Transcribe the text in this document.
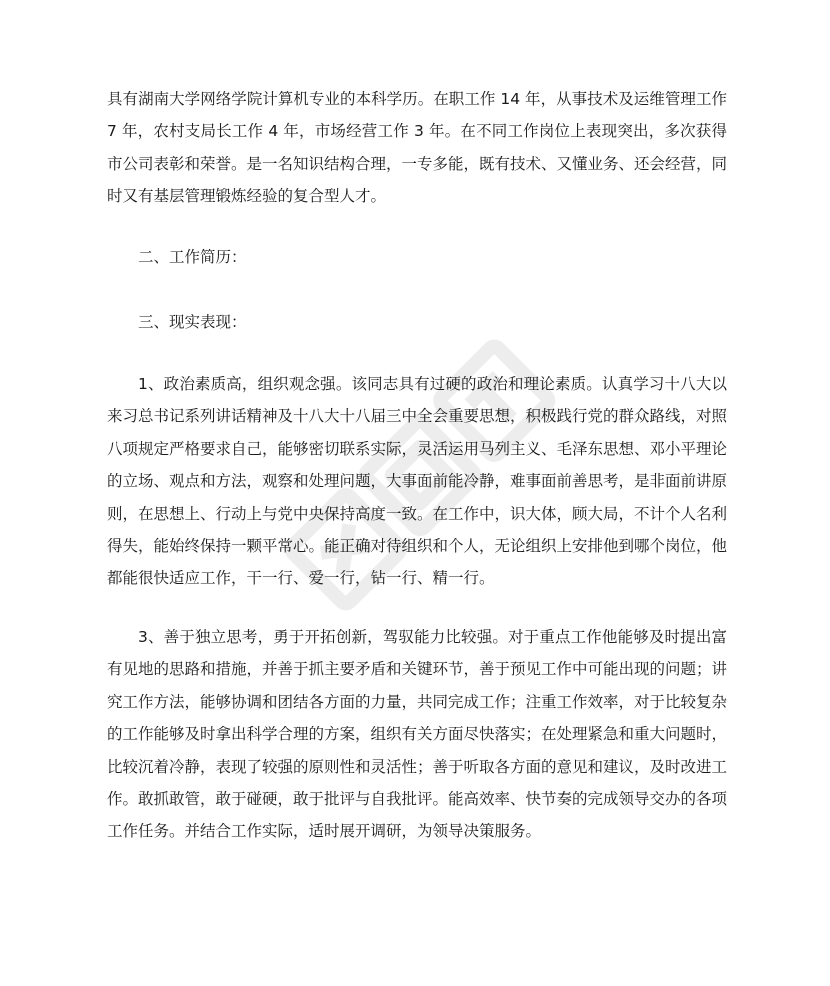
具有湖南大学网络学院计算机专业的本科学历。在职工作 14 年，从事技术及运维管理工作 7 年，农村支局长工作 4 年，市场经营工作 3 年。在不同工作岗位上表现突出，多次获得市公司表彰和荣誉。是一名知识结构合理，一专多能，既有技术、又懂业务、还会经营，同时又有基层管理锻炼经验的复合型人才。

二、工作简历：

三、现实表现：

1、政治素质高，组织观念强。该同志具有过硬的政治和理论素质。认真学习十八大以来习总书记系列讲话精神及十八大十八届三中全会重要思想，积极践行党的群众路线，对照八项规定严格要求自己，能够密切联系实际，灵活运用马列主义、毛泽东思想、邓小平理论的立场、观点和方法，观察和处理问题，大事面前能冷静，难事面前善思考，是非面前讲原则，在思想上、行动上与党中央保持高度一致。在工作中，识大体，顾大局，不计个人名利得失，能始终保持一颗平常心。能正确对待组织和个人，无论组织上安排他到哪个岗位，他都能很快适应工作，干一行、爱一行，钻一行、精一行。

3、善于独立思考，勇于开拓创新，驾驭能力比较强。对于重点工作他能够及时提出富有见地的思路和措施，并善于抓主要矛盾和关键环节，善于预见工作中可能出现的问题；讲究工作方法，能够协调和团结各方面的力量，共同完成工作；注重工作效率，对于比较复杂的工作能够及时拿出科学合理的方案，组织有关方面尽快落实；在处理紧急和重大问题时，比较沉着冷静，表现了较强的原则性和灵活性；善于听取各方面的意见和建议，及时改进工作。敢抓敢管，敢于碰硬，敢于批评与自我批评。能高效率、快节奏的完成领导交办的各项工作任务。并结合工作实际，适时展开调研，为领导决策服务。
